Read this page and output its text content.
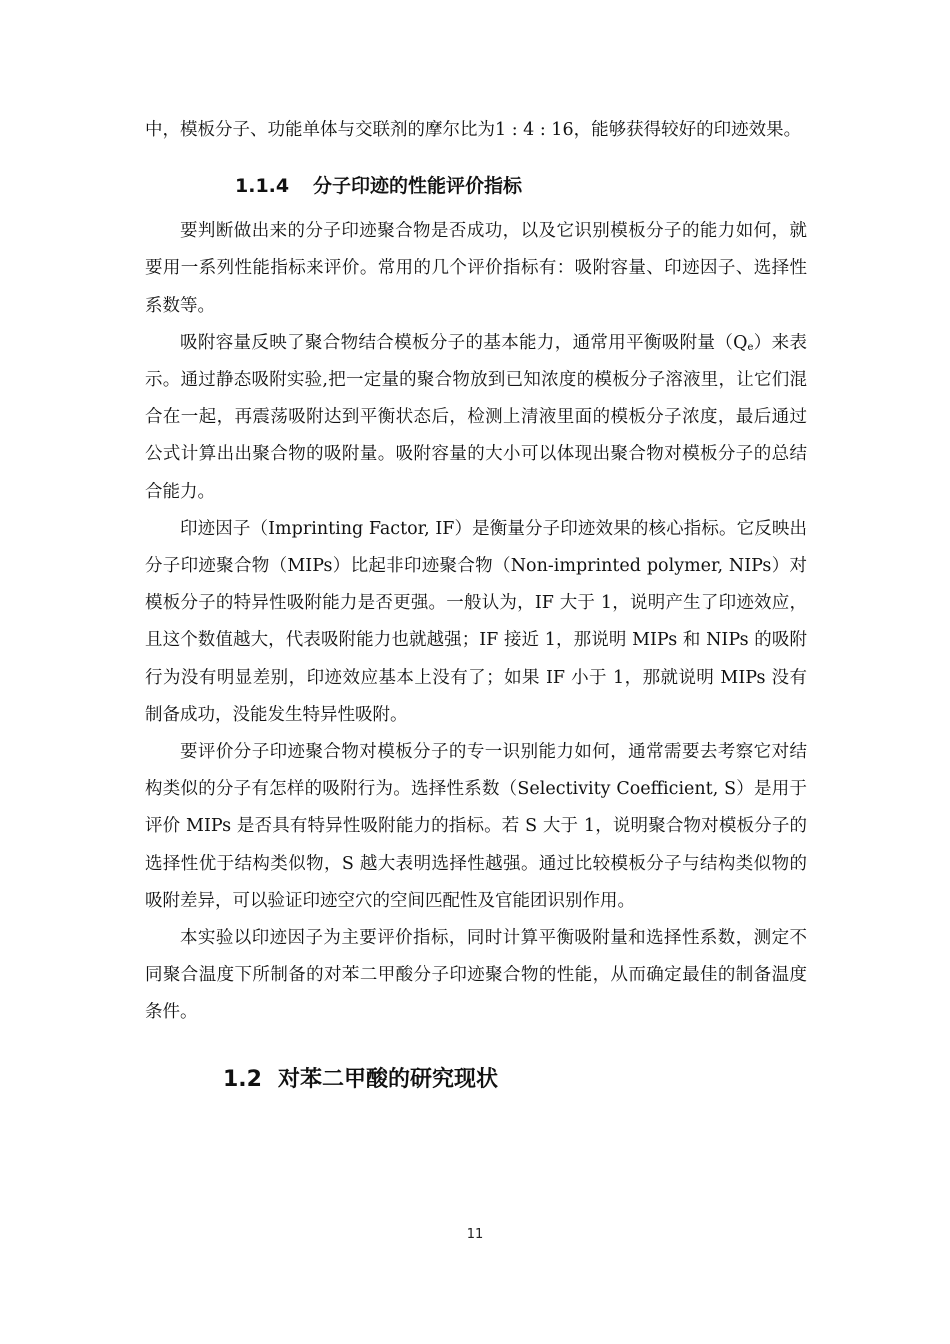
中，模板分子、功能单体与交联剂的摩尔比为1 : 4 : 16，能够获得较好的印迹效果。

1.1.4 分子印迹的性能评价指标

要判断做出来的分子印迹聚合物是否成功，以及它识别模板分子的能力如何，就要用一系列性能指标来评价。常用的几个评价指标有：吸附容量、印迹因子、选择性系数等。

吸附容量反映了聚合物结合模板分子的基本能力，通常用平衡吸附量$(Q_e)$来表示。通过静态吸附实验,把一定量的聚合物放到已知浓度的模板分子溶液里，让它们混合在一起，再震荡吸附达到平衡状态后，检测上清液里面的模板分子浓度，最后通过公式计算出出聚合物的吸附量。吸附容量的大小可以体现出聚合物对模板分子的总结合能力。

印迹因子（Imprinting Factor, IF）是衡量分子印迹效果的核心指标。它反映出分子印迹聚合物（MIPs）比起非印迹聚合物（Non-imprinted polymer, NIPs）对模板分子的特异性吸附能力是否更强。一般认为，IF 大于 1，说明产生了印迹效应，且这个数值越大，代表吸附能力也就越强；IF 接近 1，那说明 MIPs 和 NIPs 的吸附行为没有明显差别，印迹效应基本上没有了；如果 IF 小于 1，那就说明 MIPs 没有制备成功，没能发生特异性吸附。

要评价分子印迹聚合物对模板分子的专一识别能力如何，通常需要去考察它对结构类似的分子有怎样的吸附行为。选择性系数（Selectivity Coefficient, S）是用于评价 MIPs 是否具有特异性吸附能力的指标。若 S 大于 1，说明聚合物对模板分子的选择性优于结构类似物，S 越大表明选择性越强。通过比较模板分子与结构类似物的吸附差异，可以验证印迹空穴的空间匹配性及官能团识别作用。

本实验以印迹因子为主要评价指标，同时计算平衡吸附量和选择性系数，测定不同聚合温度下所制备的对苯二甲酸分子印迹聚合物的性能，从而确定最佳的制备温度条件。

1.2 对苯二甲酸的研究现状
11
